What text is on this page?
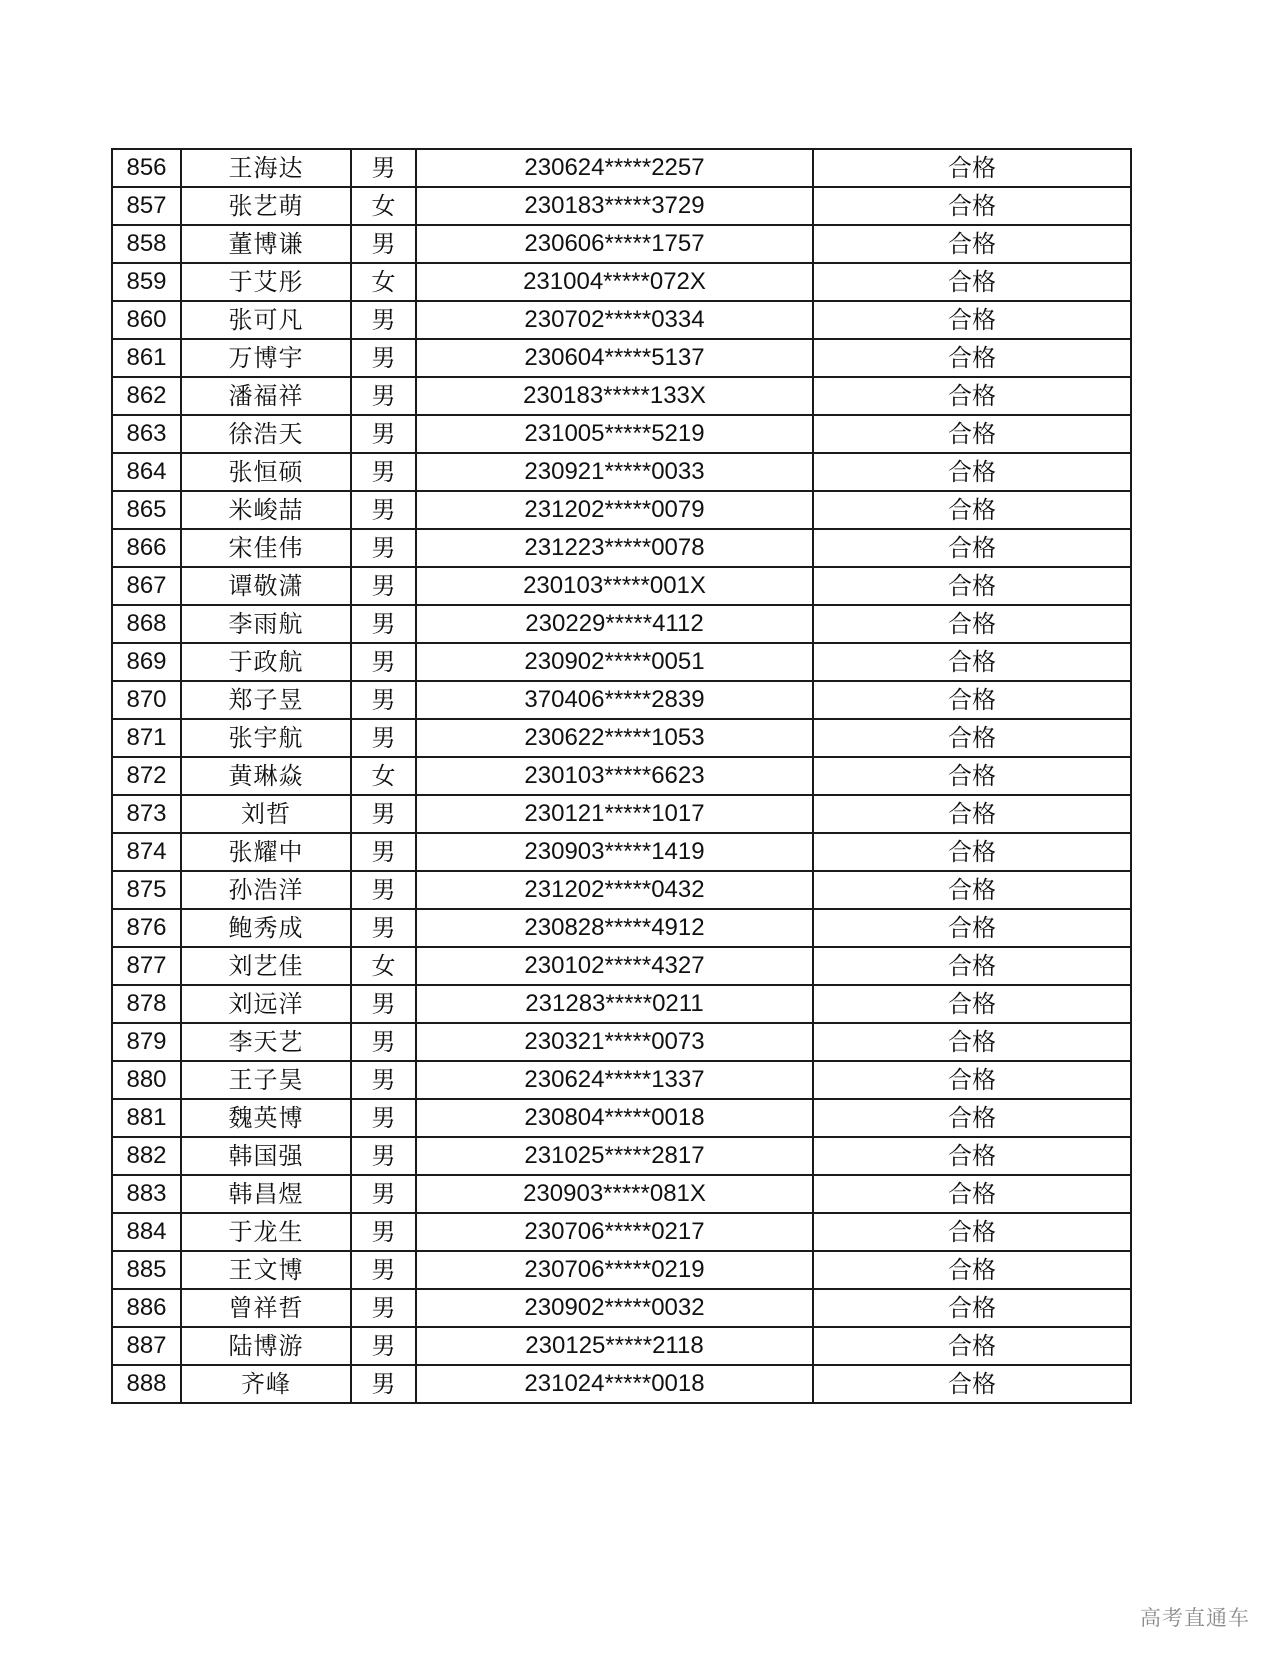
856	王海达	男	230624*****2257	合格
857	张艺萌	女	230183*****3729	合格
858	董博谦	男	230606*****1757	合格
859	于艾彤	女	231004*****072X	合格
860	张可凡	男	230702*****0334	合格
861	万博宇	男	230604*****5137	合格
862	潘福祥	男	230183*****133X	合格
863	徐浩天	男	231005*****5219	合格
864	张恒硕	男	230921*****0033	合格
865	米峻喆	男	231202*****0079	合格
866	宋佳伟	男	231223*****0078	合格
867	谭敬潇	男	230103*****001X	合格
868	李雨航	男	230229*****4112	合格
869	于政航	男	230902*****0051	合格
870	郑子昱	男	370406*****2839	合格
871	张宇航	男	230622*****1053	合格
872	黄琳焱	女	230103*****6623	合格
873	刘哲	男	230121*****1017	合格
874	张耀中	男	230903*****1419	合格
875	孙浩洋	男	231202*****0432	合格
876	鲍秀成	男	230828*****4912	合格
877	刘艺佳	女	230102*****4327	合格
878	刘远洋	男	231283*****0211	合格
879	李天艺	男	230321*****0073	合格
880	王子昊	男	230624*****1337	合格
881	魏英博	男	230804*****0018	合格
882	韩国强	男	231025*****2817	合格
883	韩昌煜	男	230903*****081X	合格
884	于龙生	男	230706*****0217	合格
885	王文博	男	230706*****0219	合格
886	曾祥哲	男	230902*****0032	合格
887	陆博游	男	230125*****2118	合格
888	齐峰	男	231024*****0018	合格
高考直通车
